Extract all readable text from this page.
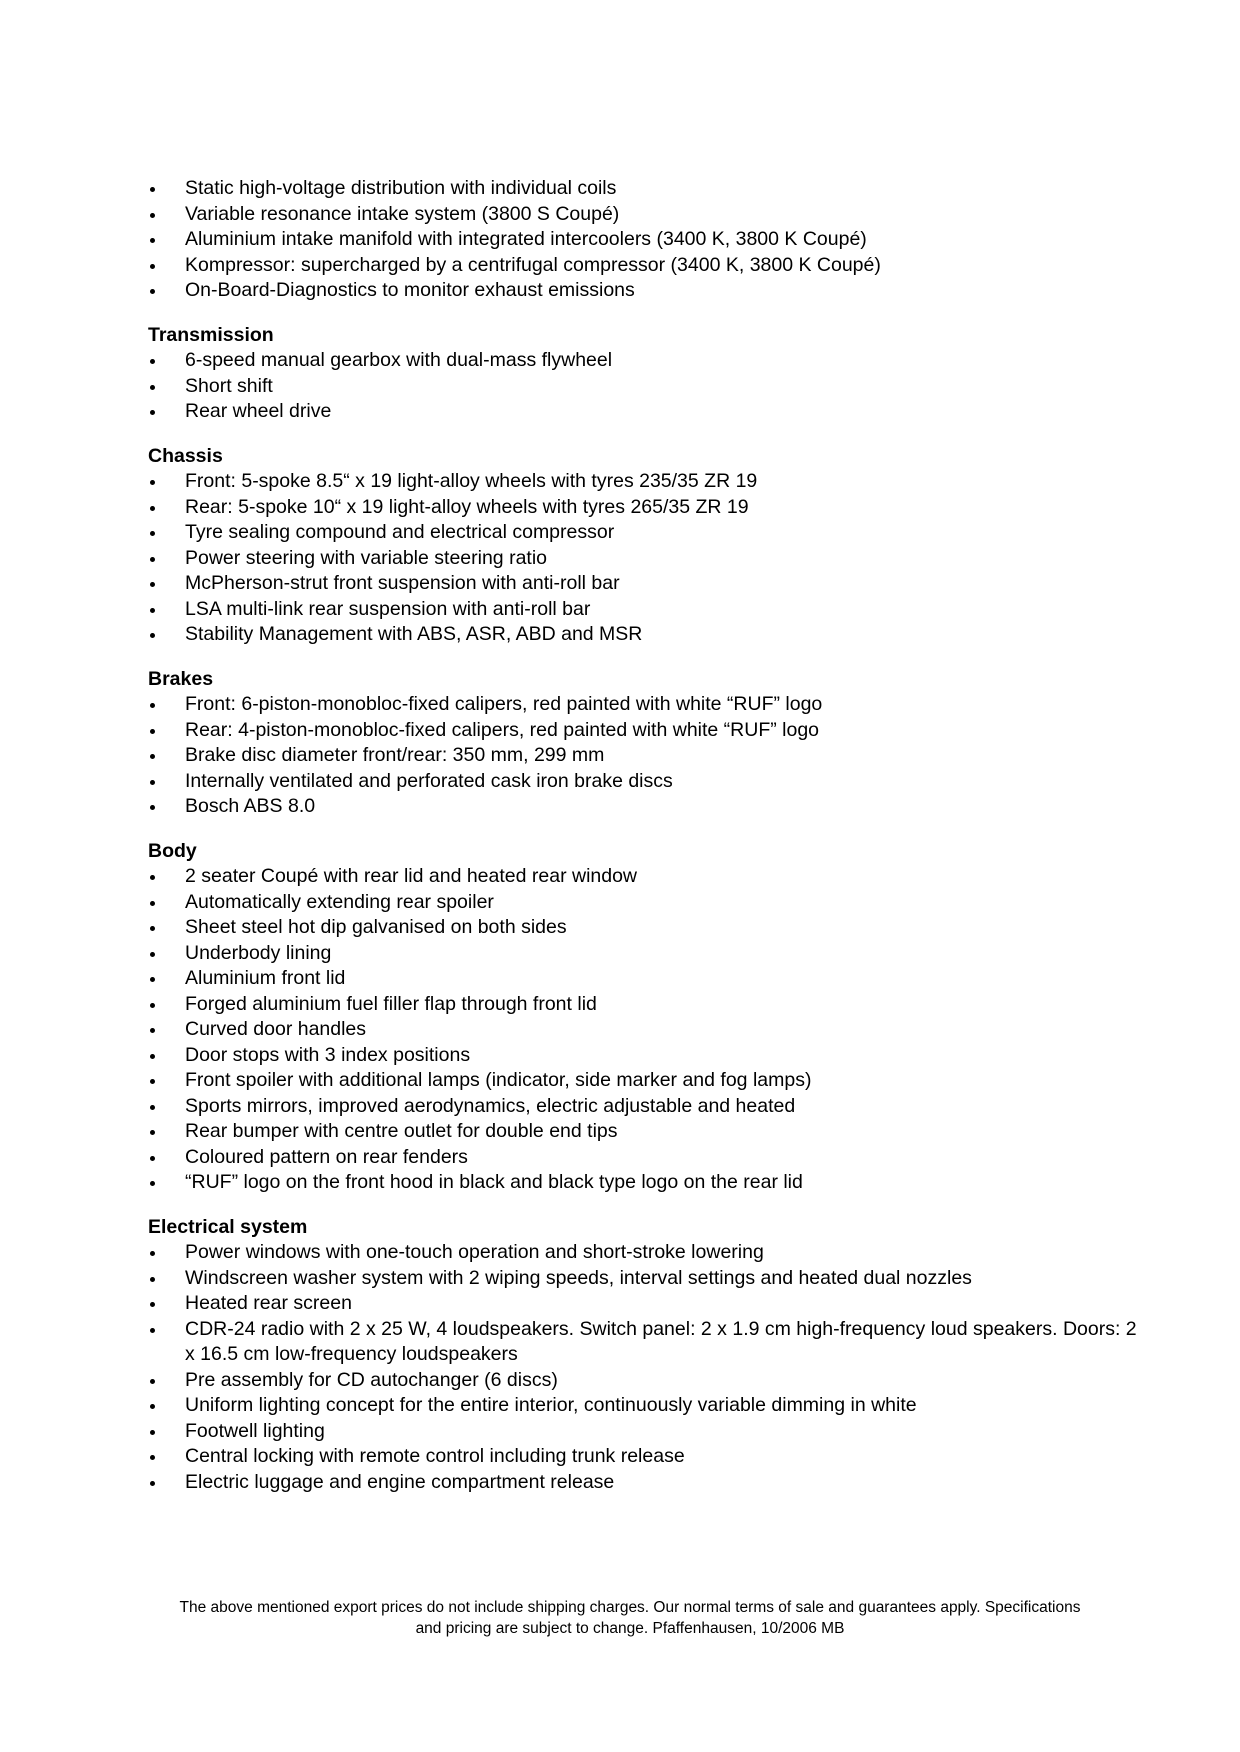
Static high-voltage distribution with individual coils
Variable resonance intake system (3800 S Coupé)
Aluminium intake manifold with integrated intercoolers (3400 K, 3800 K Coupé)
Kompressor: supercharged by a centrifugal compressor (3400 K, 3800 K Coupé)
On-Board-Diagnostics to monitor exhaust emissions
Transmission
6-speed manual gearbox with dual-mass flywheel
Short shift
Rear wheel drive
Chassis
Front: 5-spoke 8.5“ x 19 light-alloy wheels with tyres 235/35 ZR 19
Rear: 5-spoke 10“ x 19 light-alloy wheels with tyres 265/35 ZR 19
Tyre sealing compound and electrical compressor
Power steering with variable steering ratio
McPherson-strut front suspension with anti-roll bar
LSA multi-link rear suspension with anti-roll bar
Stability Management with ABS, ASR, ABD and MSR
Brakes
Front: 6-piston-monobloc-fixed calipers, red painted with white “RUF” logo
Rear: 4-piston-monobloc-fixed calipers, red painted with white “RUF” logo
Brake disc diameter front/rear: 350 mm, 299 mm
Internally ventilated and perforated cask iron brake discs
Bosch ABS 8.0
Body
2 seater Coupé with rear lid and heated rear window
Automatically extending rear spoiler
Sheet steel hot dip galvanised on both sides
Underbody lining
Aluminium front lid
Forged aluminium fuel filler flap through front lid
Curved door handles
Door stops with 3 index positions
Front spoiler with additional lamps (indicator, side marker and fog lamps)
Sports mirrors, improved aerodynamics, electric adjustable and heated
Rear bumper with centre outlet for double end tips
Coloured pattern on rear fenders
“RUF” logo on the front hood in black and black type logo on the rear lid
Electrical system
Power windows with one-touch operation and short-stroke lowering
Windscreen washer system with 2 wiping speeds, interval settings and heated dual nozzles
Heated rear screen
CDR-24 radio with 2 x 25 W, 4 loudspeakers. Switch panel: 2 x 1.9 cm high-frequency loud speakers. Doors: 2 x 16.5 cm low-frequency loudspeakers
Pre assembly for CD autochanger (6 discs)
Uniform lighting concept for the entire interior, continuously variable dimming in white
Footwell lighting
Central locking with remote control including trunk release
Electric luggage and engine compartment release
The above mentioned export prices do not include shipping charges. Our normal terms of sale and guarantees apply. Specifications
and pricing are subject to change. Pfaffenhausen, 10/2006 MB
